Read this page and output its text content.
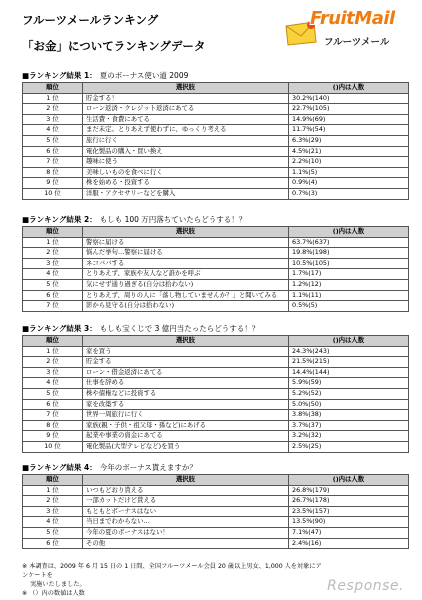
フルーツメールランキング
「お金」についてランキングデータ
FruitMail
フルーツメール
■ランキング結果 1： 夏のボーナス使い道 2009
順位	選択肢	()内は人数
1 位	貯金する！	30.2%(140)
2 位	ローン返済・クレジット返済にあてる	22.7%(105)
3 位	生活費・食費にあてる	14.9%(69)
4 位	まだ未定。とりあえず使わずに、ゆっくり考える	11.7%(54)
5 位	旅行に行く	6.3%(29)
6 位	電化製品の購入・買い換え	4.5%(21)
7 位	趣味に使う	2.2%(10)
8 位	美味しいものを食べに行く	1.1%(5)
9 位	株を始める・投資する	0.9%(4)
10 位	洋服・アクセサリーなどを購入	0.7%(3)
■ランキング結果 2： もしも 100 万円落ちていたらどうする！？
順位	選択肢	()内は人数
1 位	警察に届ける	63.7%(637)
2 位	悩んだ挙句…警察に届ける	19.8%(198)
3 位	ネコババする	10.5%(105)
4 位	とりあえず、家族や友人など誰かを呼ぶ	1.7%(17)
5 位	気にせず通り過ぎる(自分は拾わない)	1.2%(12)
6 位	とりあえず、周りの人に「落し物していませんか？」と聞いてみる	1.1%(11)
7 位	影から見守る(自分は拾わない)	0.5%(5)
■ランキング結果 3： もしも宝くじで 3 億円当たったらどうする！？
順位	選択肢	()内は人数
1 位	家を買う	24.3%(243)
2 位	貯金する	21.5%(215)
3 位	ローン・借金返済にあてる	14.4%(144)
4 位	仕事を辞める	5.9%(59)
5 位	株や債権などに投資する	5.2%(52)
6 位	家を改築する	5.0%(50)
7 位	世界一周旅行に行く	3.8%(38)
8 位	家族(親・子供・祖父母・孫など)にあげる	3.7%(37)
9 位	起業や事業の資金にあてる	3.2%(32)
10 位	電化製品(大型テレビなど)を買う	2.5%(25)
■ランキング結果 4： 今年のボーナス貰えますか？
順位	選択肢	()内は人数
1 位	いつもどおり貰える	26.8%(179)
2 位	一部カットだけど貰える	26.7%(178)
3 位	もともとボーナスはない	23.5%(157)
4 位	当日までわからない…	13.5%(90)
5 位	今年の夏のボーナスはない！	7.1%(47)
6 位	その他	2.4%(16)
※ 本調査は、2009 年 6 月 15 日の 1 日間、全国フルーツメール会員 20 歳以上男女、1,000 人を対象にアンケートを
実施いたしました。
※ （）内の数値は人数	Response.
